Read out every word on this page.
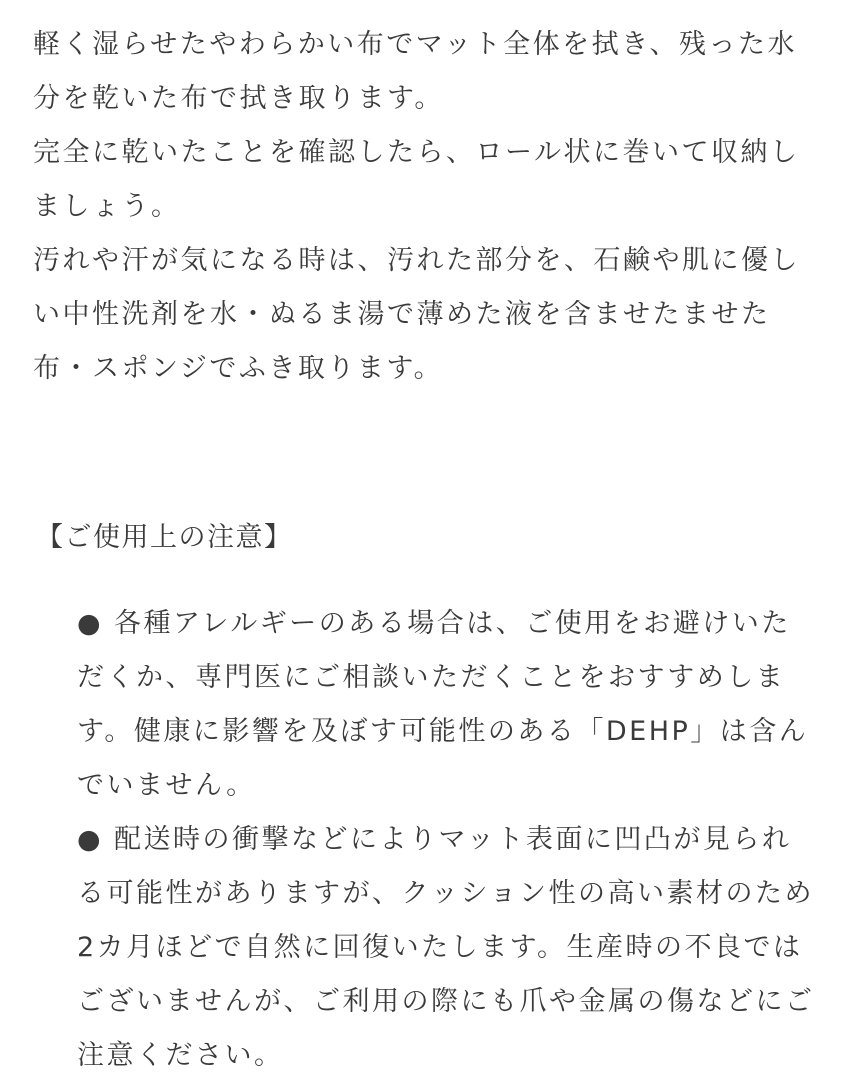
軽く湿らせたやわらかい布でマット全体を拭き、残った水分を乾いた布で拭き取ります。

完全に乾いたことを確認したら、ロール状に巻いて収納しましょう。

汚れや汗が気になる時は、汚れた部分を、石鹸や肌に優しい中性洗剤を水・ぬるま湯で薄めた液を含ませたませた布・スポンジでふき取ります。

【ご使用上の注意】
● 各種アレルギーのある場合は、ご使用をお避けいただくか、専門医にご相談いただくことをおすすめします。健康に影響を及ぼす可能性のある「DEHP」は含んでいません。
● 配送時の衝撃などによりマット表面に凹凸が見られる可能性がありますが、クッション性の高い素材のため2カ月ほどで自然に回復いたします。生産時の不良ではございませんが、ご利用の際にも爪や金属の傷などにご注意ください。
